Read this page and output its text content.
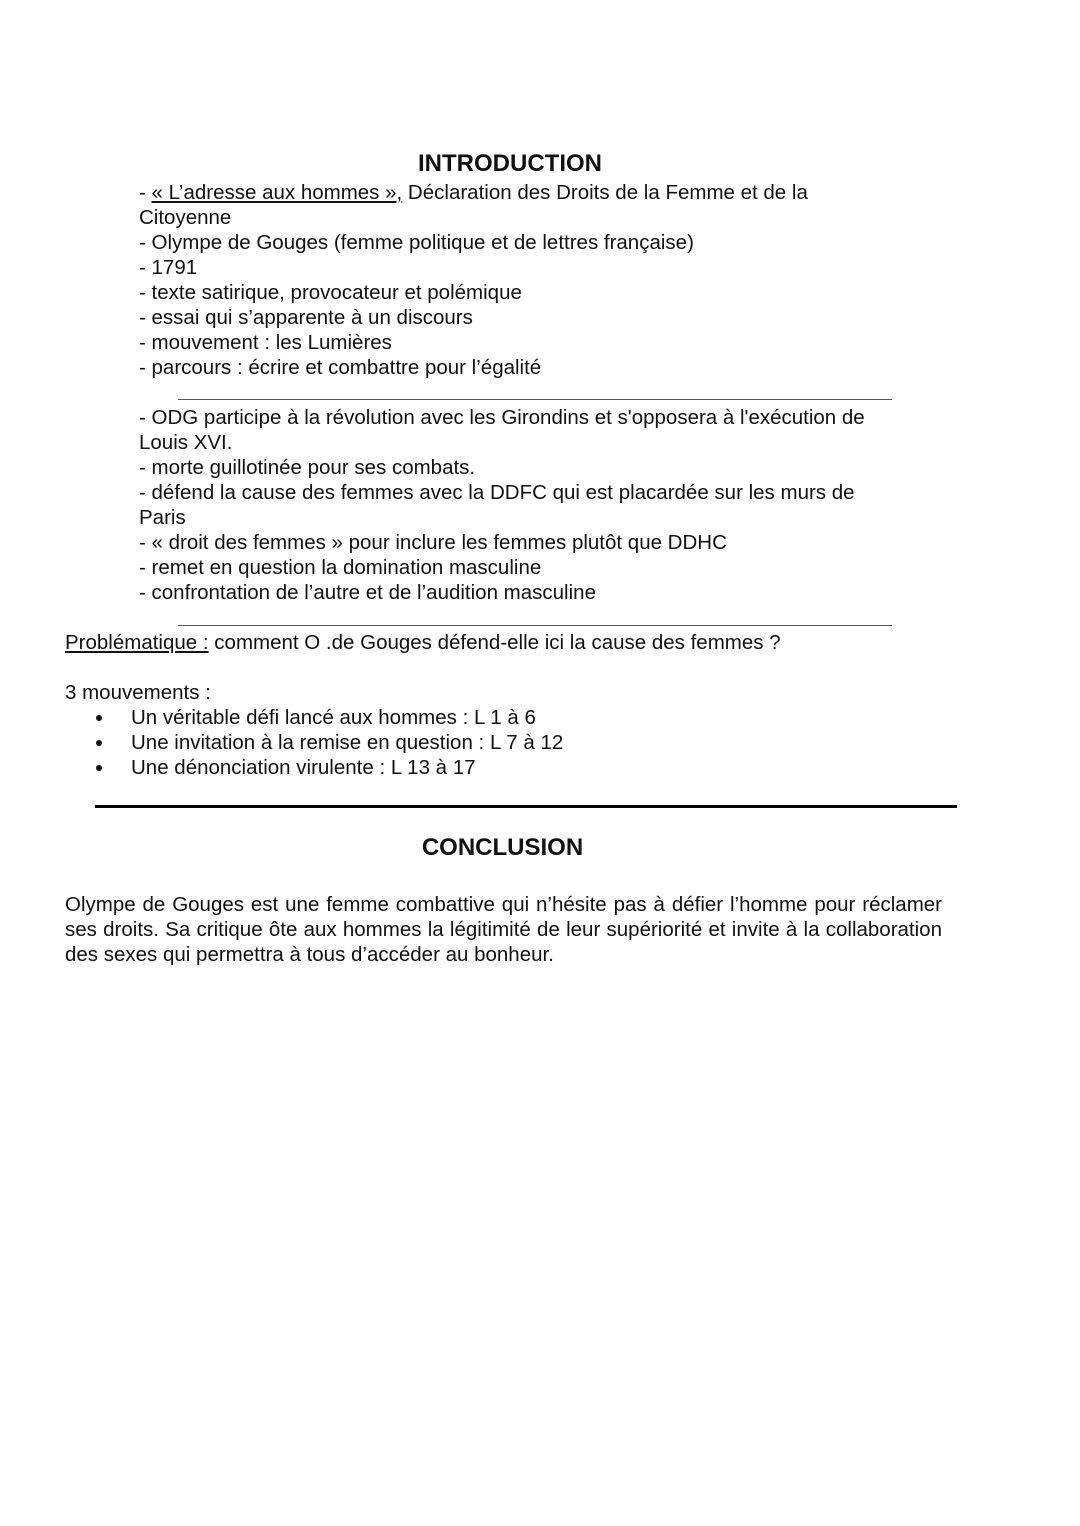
INTRODUCTION
- « L’adresse aux hommes », Déclaration des Droits de la Femme et de la
Citoyenne
- Olympe de Gouges (femme politique et de lettres française)
- 1791
- texte satirique, provocateur et polémique
- essai qui s’apparente à un discours
- mouvement : les Lumières
- parcours : écrire et combattre pour l’égalité
- ODG participe à la révolution avec les Girondins et s'opposera à l'exécution de
Louis XVI.
- morte guillotinée pour ses combats.
- défend la cause des femmes avec la DDFC qui est placardée sur les murs de
Paris
- « droit des femmes » pour inclure les femmes plutôt que DDHC
- remet en question la domination masculine
- confrontation de l’autre et de l’audition masculine
Problématique : comment O .de Gouges défend-elle ici la cause des femmes ?
3 mouvements :
Un véritable défi lancé aux hommes : L 1 à 6
Une invitation à la remise en question : L 7 à 12
Une dénonciation virulente : L 13 à 17
CONCLUSION
Olympe de Gouges est une femme combattive qui n’hésite pas à défier l’homme pour réclamer ses droits. Sa critique ôte aux hommes la légitimité de leur supériorité et invite à la collaboration des sexes qui permettra à tous d’accéder au bonheur.
